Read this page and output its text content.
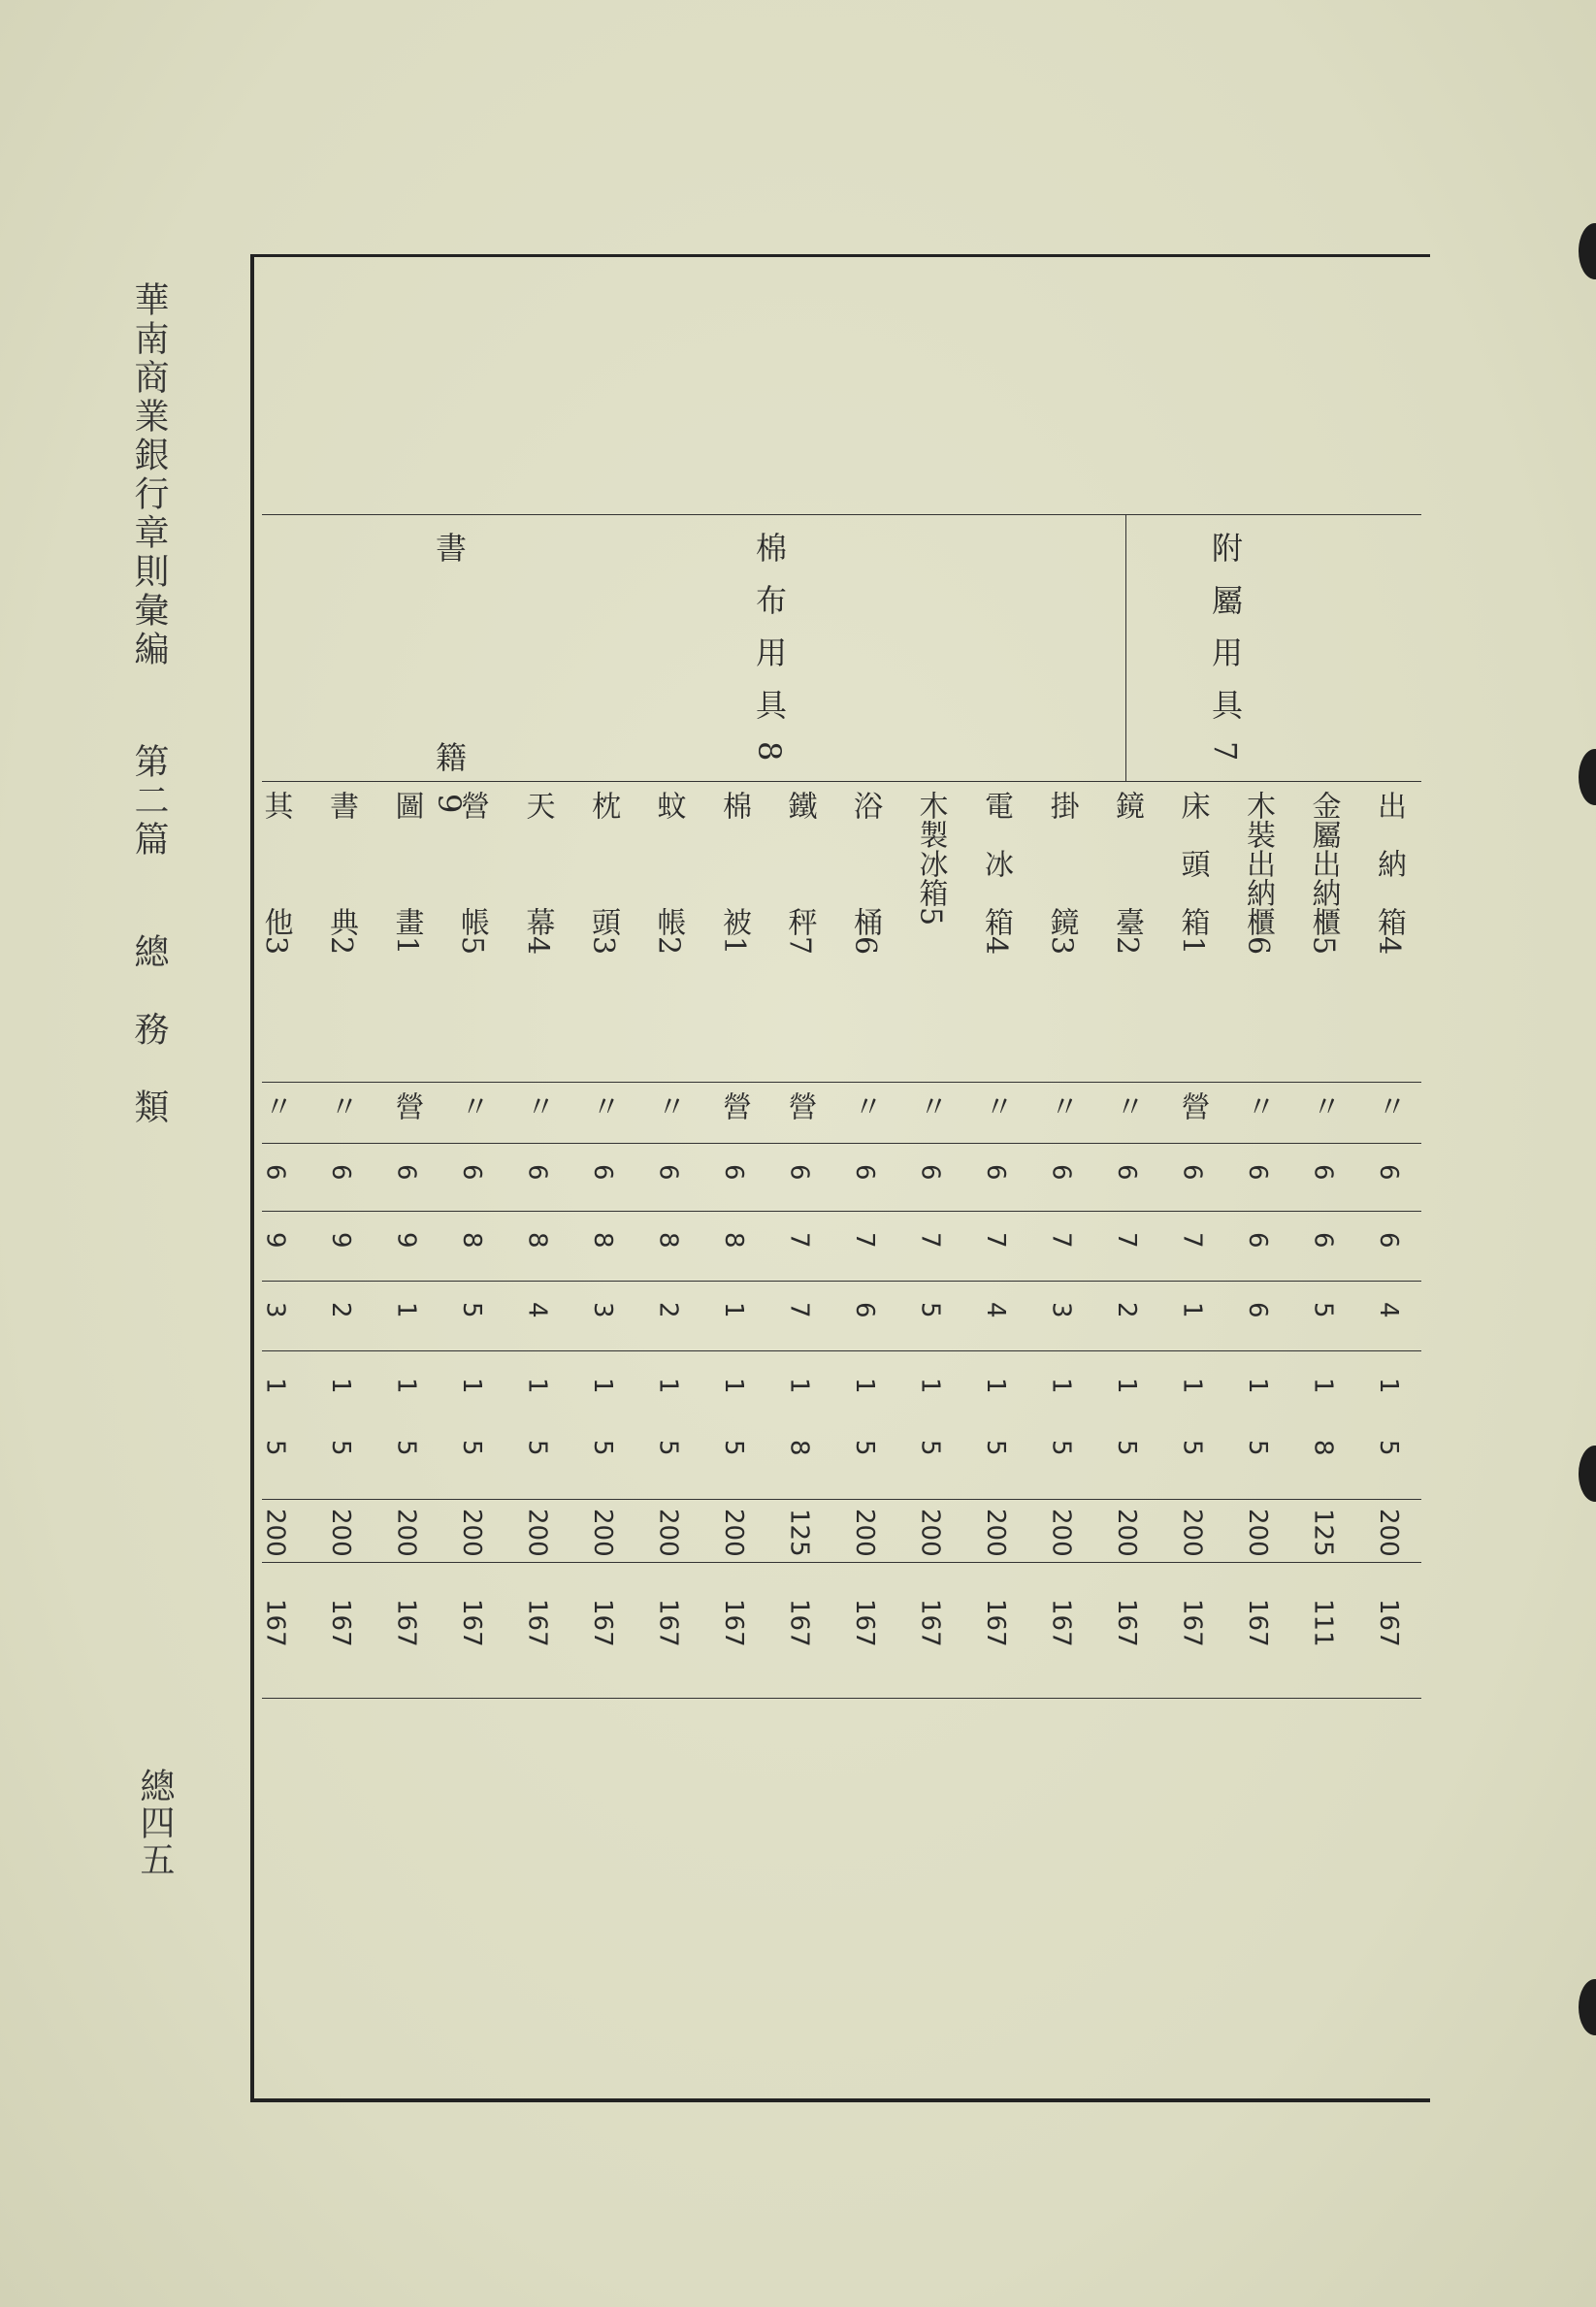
華南商業銀行章則彙編第二篇總　務　類
總四五
出　納　箱4
〃
6
6
4
1
5
200
167
金屬出納櫃5
〃
6
6
5
1
8
125
111
木裝出納櫃6
〃
6
6
6
1
5
200
167
床　頭　箱1
營
6
7
1
1
5
200
167
鏡　　　臺2
〃
6
7
2
1
5
200
167
掛　　　鏡3
〃
6
7
3
1
5
200
167
電　冰　箱4
〃
6
7
4
1
5
200
167
木製冰箱5
〃
6
7
5
1
5
200
167
浴　　　桶6
〃
6
7
6
1
5
200
167
鐵　　　秤7
營
6
7
7
1
8
125
167
棉　　　被1
營
6
8
1
1
5
200
167
蚊　　　帳2
〃
6
8
2
1
5
200
167
枕　　　頭3
〃
6
8
3
1
5
200
167
天　　　幕4
〃
6
8
4
1
5
200
167
營　　　帳5
〃
6
8
5
1
5
200
167
圖　　　畫1
營
6
9
1
1
5
200
167
書　　　典2
〃
6
9
2
1
5
200
167
其　　　他3
〃
6
9
3
1
5
200
167
附屬用具7
棉布用具8
書　　　籍9
